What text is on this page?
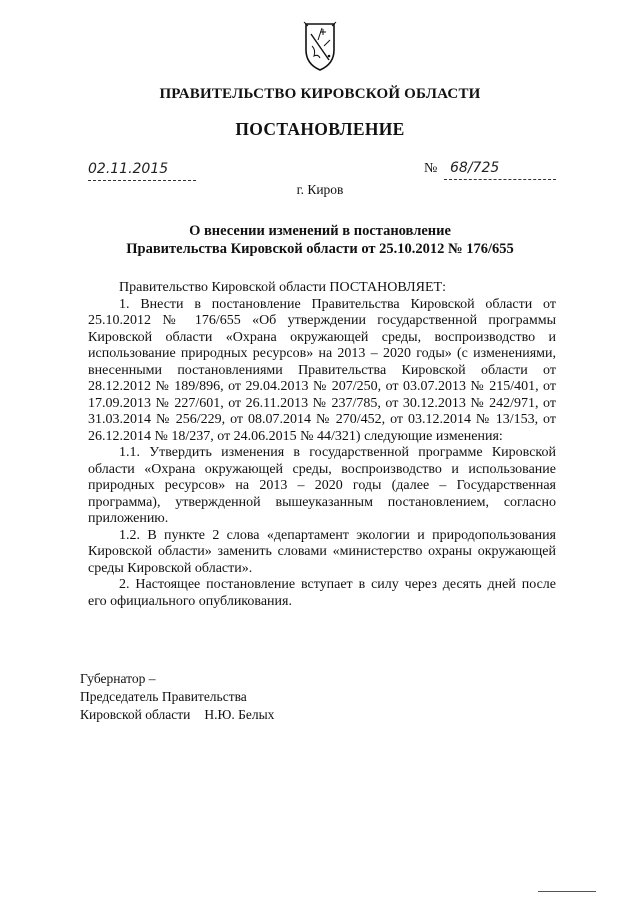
ПРАВИТЕЛЬСТВО КИРОВСКОЙ ОБЛАСТИ
ПОСТАНОВЛЕНИЕ
02.11.2015	№ 68/725
г. Киров
О внесении изменений в постановление
Правительства Кировской области от 25.10.2012 № 176/655

Правительство Кировской области ПОСТАНОВЛЯЕТ:

1. Внести в постановление Правительства Кировской области от 25.10.2012 № 176/655 «Об утверждении государственной программы Кировской области «Охрана окружающей среды, воспроизводство и использование природных ресурсов» на 2013 – 2020 годы» (с изменениями, внесенными постановлениями Правительства Кировской области от 28.12.2012 № 189/896, от 29.04.2013 № 207/250, от 03.07.2013 № 215/401, от 17.09.2013 № 227/601, от 26.11.2013 № 237/785, от 30.12.2013 № 242/971, от 31.03.2014 № 256/229, от 08.07.2014 № 270/452, от 03.12.2014 № 13/153, от 26.12.2014 № 18/237, от 24.06.2015 № 44/321) следующие изменения:

1.1. Утвердить изменения в государственной программе Кировской области «Охрана окружающей среды, воспроизводство и использование природных ресурсов» на 2013 – 2020 годы (далее – Государственная программа), утвержденной вышеуказанным постановлением, согласно приложению.

1.2. В пункте 2 слова «департамент экологии и природопользования Кировской области» заменить словами «министерство охраны окружающей среды Кировской области».

2. Настоящее постановление вступает в силу через десять дней после его официального опубликования.

Губернатор –
Председатель Правительства
Кировской области Н.Ю. Белых
